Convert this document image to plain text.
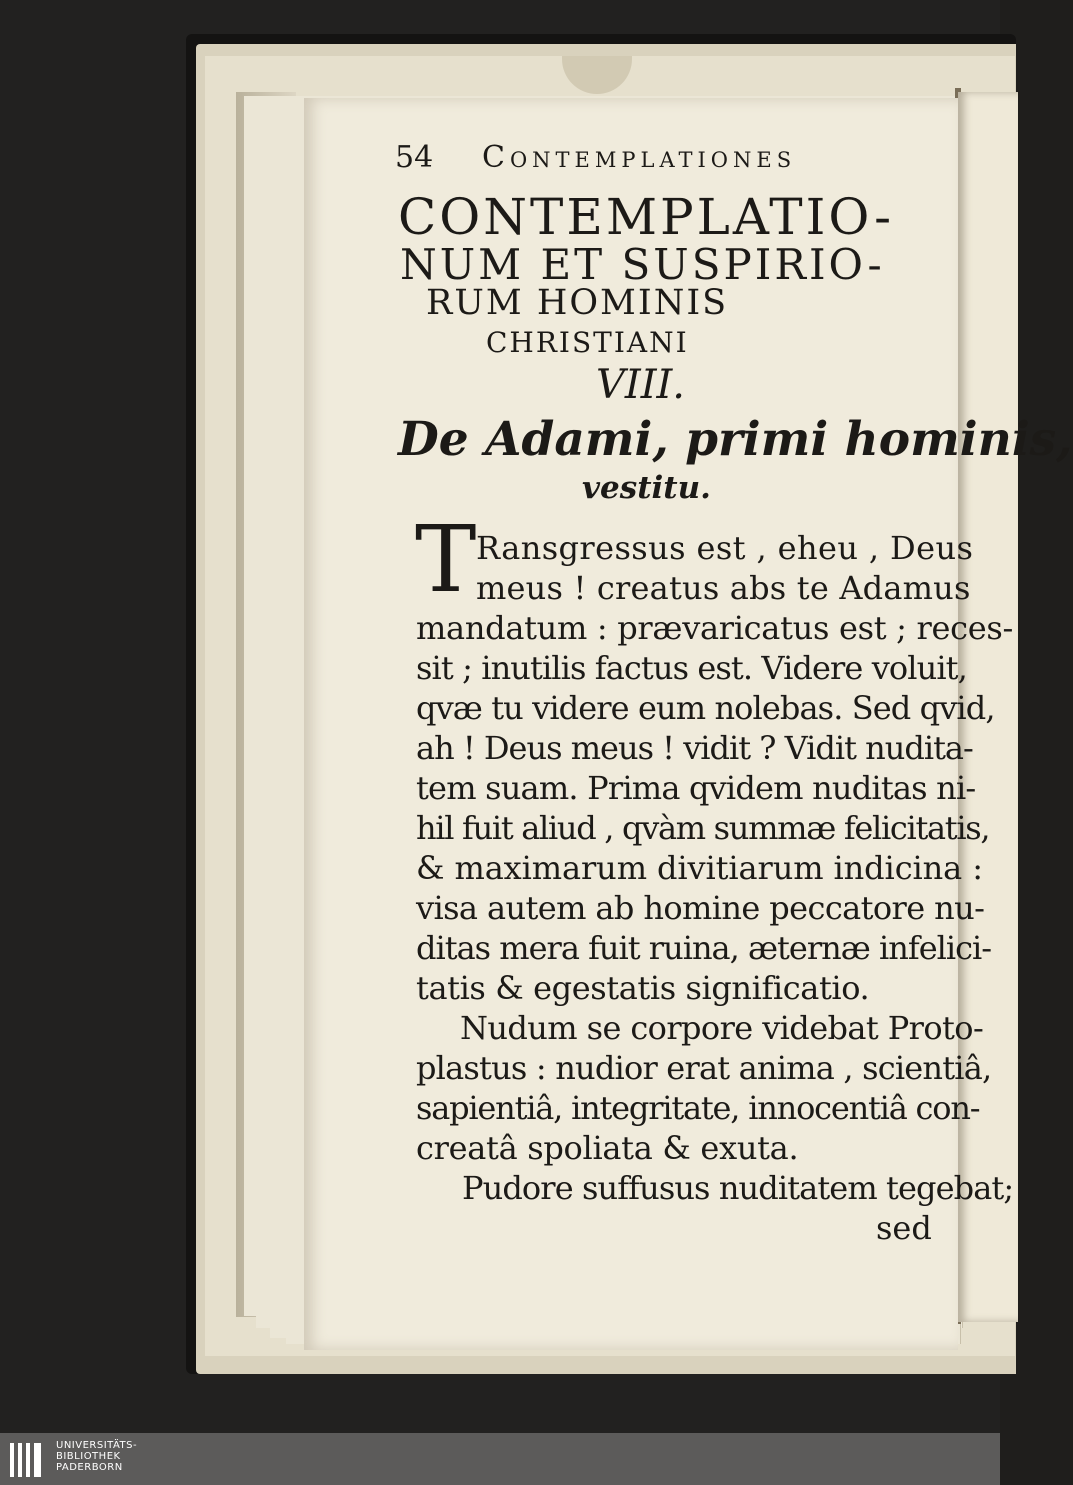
54 Contemplationes
CONTEMPLATIO-
NUM ET SUSPIRIO-
RUM HOMINIS
CHRISTIANI
VIII.
De Adami, primi hominis,
vestitu.
T Ransgressus est , eheu , Deus
meus ! creatus abs te Adamus
mandatum : prævaricatus est ; reces-
sit ; inutilis factus est. Videre voluit,
qvæ tu videre eum nolebas. Sed qvid,
ah ! Deus meus ! vidit ? Vidit nudita-
tem suam. Prima qvidem nuditas ni-
hil fuit aliud , qvàm summæ felicitatis,
& maximarum divitiarum indicina :
visa autem ab homine peccatore nu-
ditas mera fuit ruina, æternæ infelici-
tatis & egestatis significatio.
Nudum se corpore videbat Proto-
plastus : nudior erat anima , scientiâ,
sapientiâ, integritate, innocentiâ con-
creatâ spoliata & exuta.
Pudore suffusus nuditatem tegebat;
sed
UNIVERSITÄTS-
BIBLIOTHEK
PADERBORN
